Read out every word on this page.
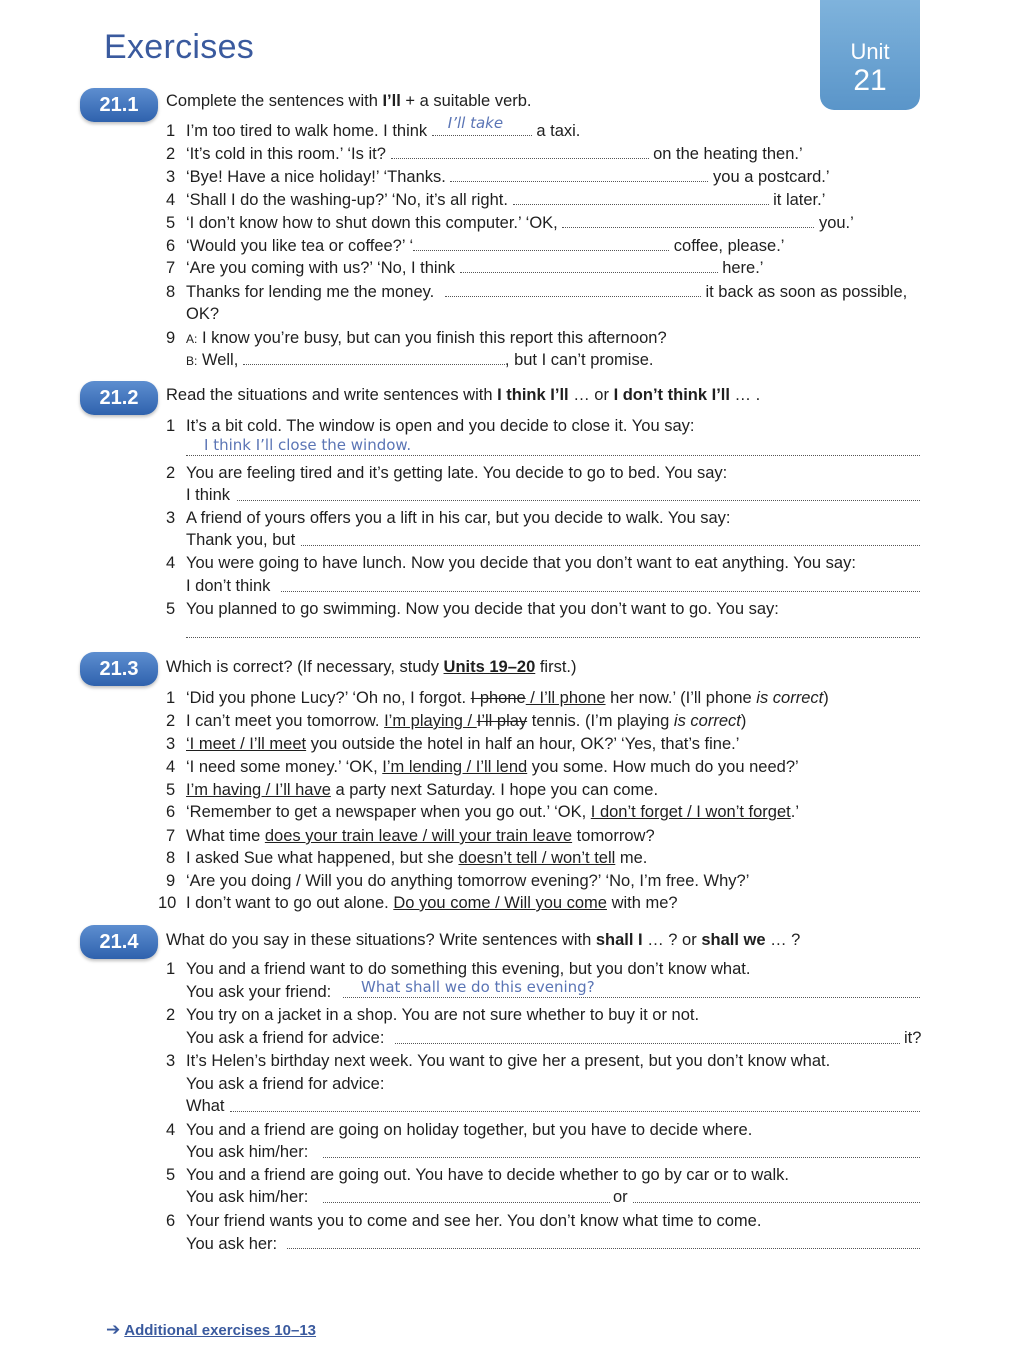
Exercises	Unit
21
21.1	Complete the sentences with I’ll + a suitable verb.
1 I’m too tired to walk home. I think I’ll take a taxi.
2 ‘It’s cold in this room.’ ‘Is it?	on the heating then.’
3 ‘Bye! Have a nice holiday!’ ‘Thanks.	you a postcard.’
4 ‘Shall I do the washing-up?’ ‘No, it’s all right.	it later.’
5 ‘I don’t know how to shut down this computer.’ ‘OK,	you.’
6 ‘Would you like tea or coffee?’ ‘	coffee, please.’
7 ‘Are you coming with us?’ ‘No, I think	here.’
8 Thanks for lending me the money.	it back as soon as possible,
OK?
9 A: I know you’re busy, but can you finish this report this afternoon?
B: Well,	, but I can’t promise.
21.2	Read the situations and write sentences with I think I’ll … or I don’t think I’ll … .
1 It’s a bit cold. The window is open and you decide to close it. You say:
I think I’ll close the window.
2 You are feeling tired and it’s getting late. You decide to go to bed. You say:
I think
3 A friend of yours offers you a lift in his car, but you decide to walk. You say:
Thank you, but
4 You were going to have lunch. Now you decide that you don’t want to eat anything. You say:
I don’t think
5 You planned to go swimming. Now you decide that you don’t want to go. You say:
21.3	Which is correct? (If necessary, study Units 19–20 first.)
1 ‘Did you phone Lucy?’ ‘Oh no, I forgot. I phone / I’ll phone her now.’ (I’ll phone is correct)
2 I can’t meet you tomorrow. I’m playing / I’ll play tennis. (I’m playing is correct)
3 ‘I meet / I’ll meet you outside the hotel in half an hour, OK?’ ‘Yes, that’s fine.’
4 ‘I need some money.’ ‘OK, I’m lending / I’ll lend you some. How much do you need?’
5 I’m having / I’ll have a party next Saturday. I hope you can come.
6 ‘Remember to get a newspaper when you go out.’ ‘OK, I don’t forget / I won’t forget.’
7 What time does your train leave / will your train leave tomorrow?
8 I asked Sue what happened, but she doesn’t tell / won’t tell me.
9 ‘Are you doing / Will you do anything tomorrow evening?’ ‘No, I’m free. Why?’
10 I don’t want to go out alone. Do you come / Will you come with me?
21.4	What do you say in these situations? Write sentences with shall I … ? or shall we … ?
1 You and a friend want to do something this evening, but you don’t know what.
You ask your friend: What shall we do this evening?
2 You try on a jacket in a shop. You are not sure whether to buy it or not.
You ask a friend for advice:	it?
3 It’s Helen’s birthday next week. You want to give her a present, but you don’t know what.
You ask a friend for advice:
What
4 You and a friend are going on holiday together, but you have to decide where.
You ask him/her:
5 You and a friend are going out. You have to decide whether to go by car or to walk.
You ask him/her:	or
6 Your friend wants you to come and see her. You don’t know what time to come.
You ask her:
➔ Additional exercises 10–13
